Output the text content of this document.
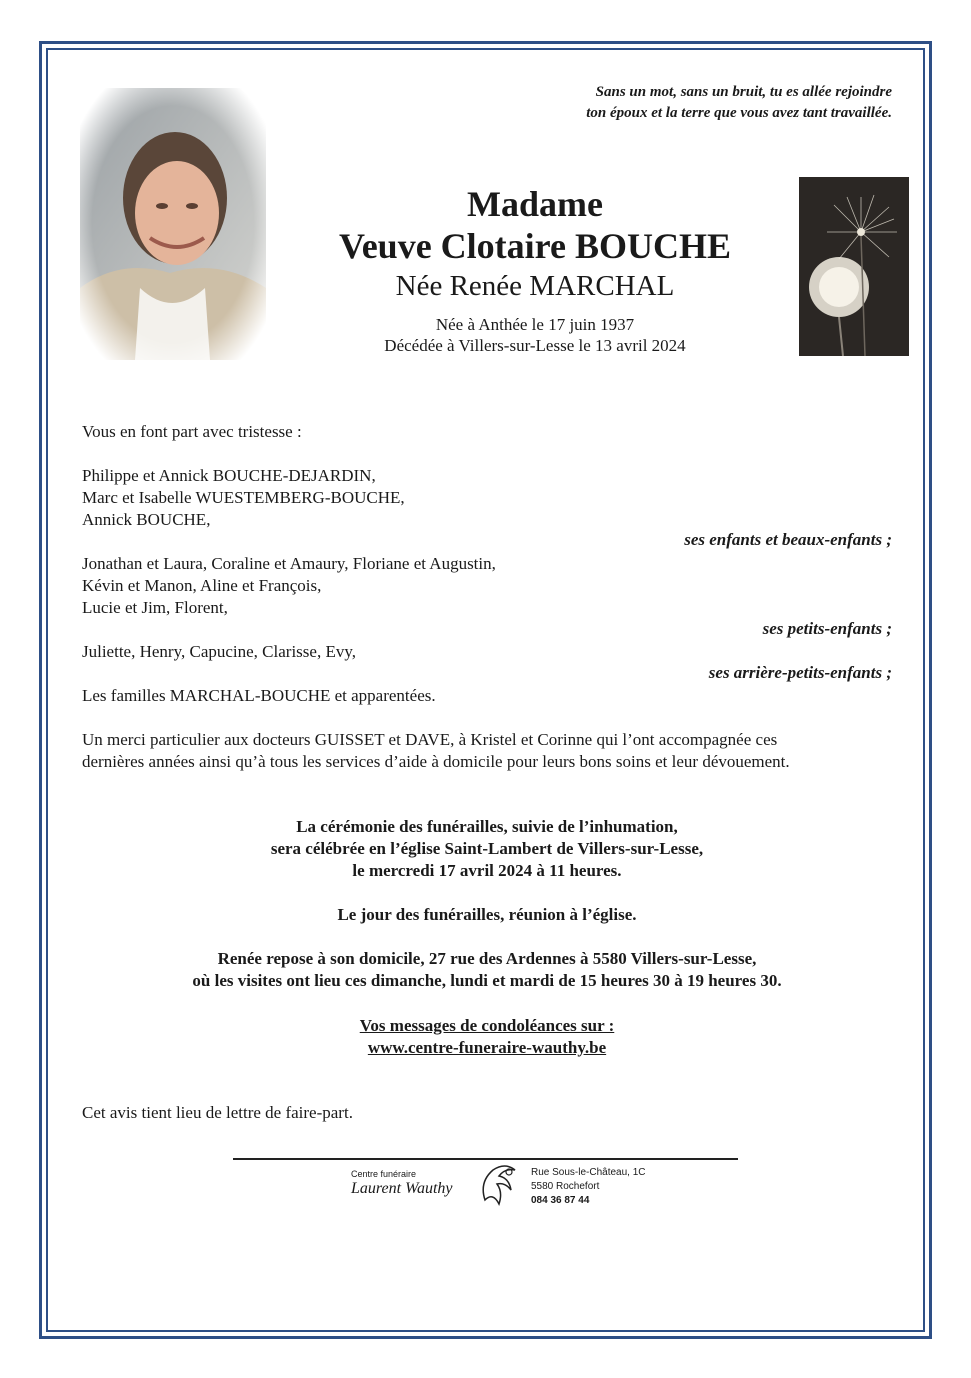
Sans un mot, sans un bruit, tu es allée rejoindre
ton époux et la terre que vous avez tant travaillée.
Madame
Veuve Clotaire BOUCHE
Née Renée MARCHAL
Née à Anthée le 17 juin 1937
Décédée à Villers-sur-Lesse le 13 avril 2024
Vous en font part avec tristesse :
Philippe et Annick BOUCHE-DEJARDIN,
Marc et Isabelle WUESTEMBERG-BOUCHE,
Annick BOUCHE,
ses enfants et beaux-enfants ;
Jonathan et Laura, Coraline et Amaury, Floriane et Augustin,
Kévin et Manon, Aline et François,
Lucie et Jim, Florent,
ses petits-enfants ;
Juliette, Henry, Capucine, Clarisse, Evy,
ses arrière-petits-enfants ;
Les familles MARCHAL-BOUCHE et apparentées.
Un merci particulier aux docteurs GUISSET et DAVE, à Kristel et Corinne qui l’ont accompagnée ces
dernières années ainsi qu’à tous les services d’aide à domicile pour leurs bons soins et leur dévouement.
La cérémonie des funérailles, suivie de l’inhumation,
sera célébrée en l’église Saint-Lambert de Villers-sur-Lesse,
le mercredi 17 avril 2024 à 11 heures.
Le jour des funérailles, réunion à l’église.
Renée repose à son domicile, 27 rue des Ardennes à 5580 Villers-sur-Lesse,
où les visites ont lieu ces dimanche, lundi et mardi de 15 heures 30 à 19 heures 30.
Vos messages de condoléances sur :
www.centre-funeraire-wauthy.be
Cet avis tient lieu de lettre de faire-part.
Centre funéraire
Laurent Wauthy
Rue Sous-le-Château, 1C
5580 Rochefort
084 36 87 44
